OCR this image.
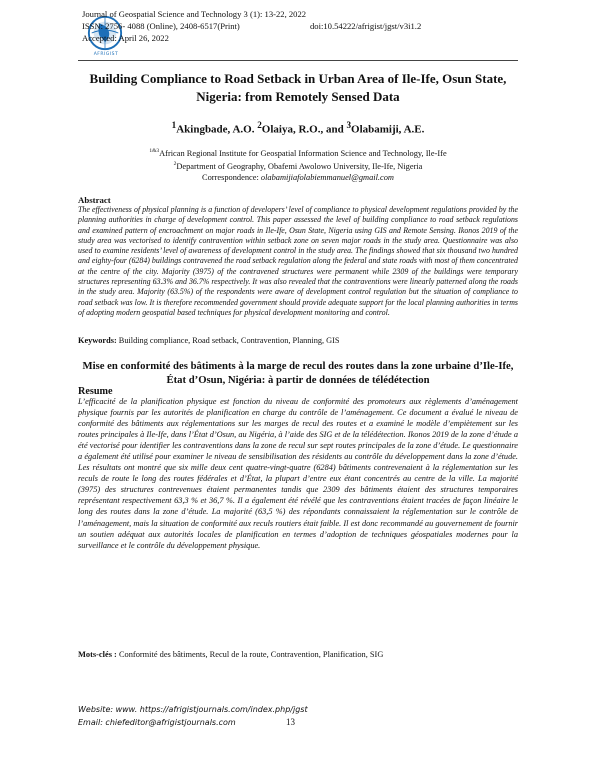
AFRIGIST
Journal of Geospatial Science and Technology 3 (1): 13-22, 2022
ISSN: 2756- 4088 (Online), 2408-6517(Print)	doi:10.54222/afrigist/jgst/v3i1.2
Accepted: April 26, 2022
Building Compliance to Road Setback in Urban Area of Ile-Ife, Osun State, Nigeria: from Remotely Sensed Data
$^1$Akingbade, A.O. $^2$Olaiya, R.O., and $^3$Olabamiji, A.E.
$^{1\&3}$African Regional Institute for Geospatial Information Science and Technology, Ile-Ife
$^2$Department of Geography, Obafemi Awolowo University, Ile-Ife, Nigeria
Correspondence: olabamijiafolabiemmanuel@gmail.com
Abstract
The effectiveness of physical planning is a function of developers’ level of compliance to physical development regulations provided by the planning authorities in charge of development control. This paper assessed the level of building compliance to road setback regulations and examined pattern of encroachment on major roads in Ile-Ife, Osun State, Nigeria using GIS and Remote Sensing. Ikonos 2019 of the study area was vectorised to identify contravention within setback zone on seven major roads in the study area. Questionnaire was also used to examine residents’ level of awareness of development control in the study area. The findings showed that six thousand two hundred and eighty-four (6284) buildings contravened the road setback regulation along the federal and state roads with most of them concentrated at the centre of the city. Majority (3975) of the contravened structures were permanent while 2309 of the buildings were temporary structures representing 63.3% and 36.7% respectively. It was also revealed that the contraventions were linearly patterned along the roads in the study area. Majority (63.5%) of the respondents were aware of development control regulation but the situation of compliance to road setback was low. It is therefore recommended government should provide adequate support for the local planning authorities in terms of adopting modern geospatial based techniques for physical development monitoring and control.
Keywords: Building compliance, Road setback, Contravention, Planning, GIS
Mise en conformité des bâtiments à la marge de recul des routes dans la zone urbaine d’Ile-Ife, État d’Osun, Nigéria: à partir de données de télédétection
Resume
L’efficacité de la planification physique est fonction du niveau de conformité des promoteurs aux règlements d’aménagement physique fournis par les autorités de planification en charge du contrôle de l’aménagement. Ce document a évalué le niveau de conformité des bâtiments aux réglementations sur les marges de recul des routes et a examiné le modèle d’empiètement sur les routes principales à Ile-Ife, dans l’État d’Osun, au Nigéria, à l’aide des SIG et de la télédétection. Ikonos 2019 de la zone d’étude a été vectorisé pour identifier les contraventions dans la zone de recul sur sept routes principales de la zone d’étude. Le questionnaire a également été utilisé pour examiner le niveau de sensibilisation des résidents au contrôle du développement dans la zone d’étude. Les résultats ont montré que six mille deux cent quatre-vingt-quatre (6284) bâtiments contrevenaient à la réglementation sur les reculs de route le long des routes fédérales et d’État, la plupart d’entre eux étant concentrés au centre de la ville. La majorité (3975) des structures contrevenues étaient permanentes tandis que 2309 des bâtiments étaient des structures temporaires représentant respectivement 63,3 % et 36,7 %. Il a également été révélé que les contraventions étaient tracées de façon linéaire le long des routes dans la zone d’étude. La majorité (63,5 %) des répondants connaissaient la réglementation sur le contrôle de l’aménagement, mais la situation de conformité aux reculs routiers était faible. Il est donc recommandé au gouvernement de fournir un soutien adéquat aux autorités locales de planification en termes d’adoption de techniques géospatiales modernes pour la surveillance et le contrôle du développement physique.
Mots-clés : Conformité des bâtiments, Recul de la route, Contravention, Planification, SIG
Website: www. https://afrigistjournals.com/index.php/jgst
Email: chiefeditor@afrigistjournals.com	13
